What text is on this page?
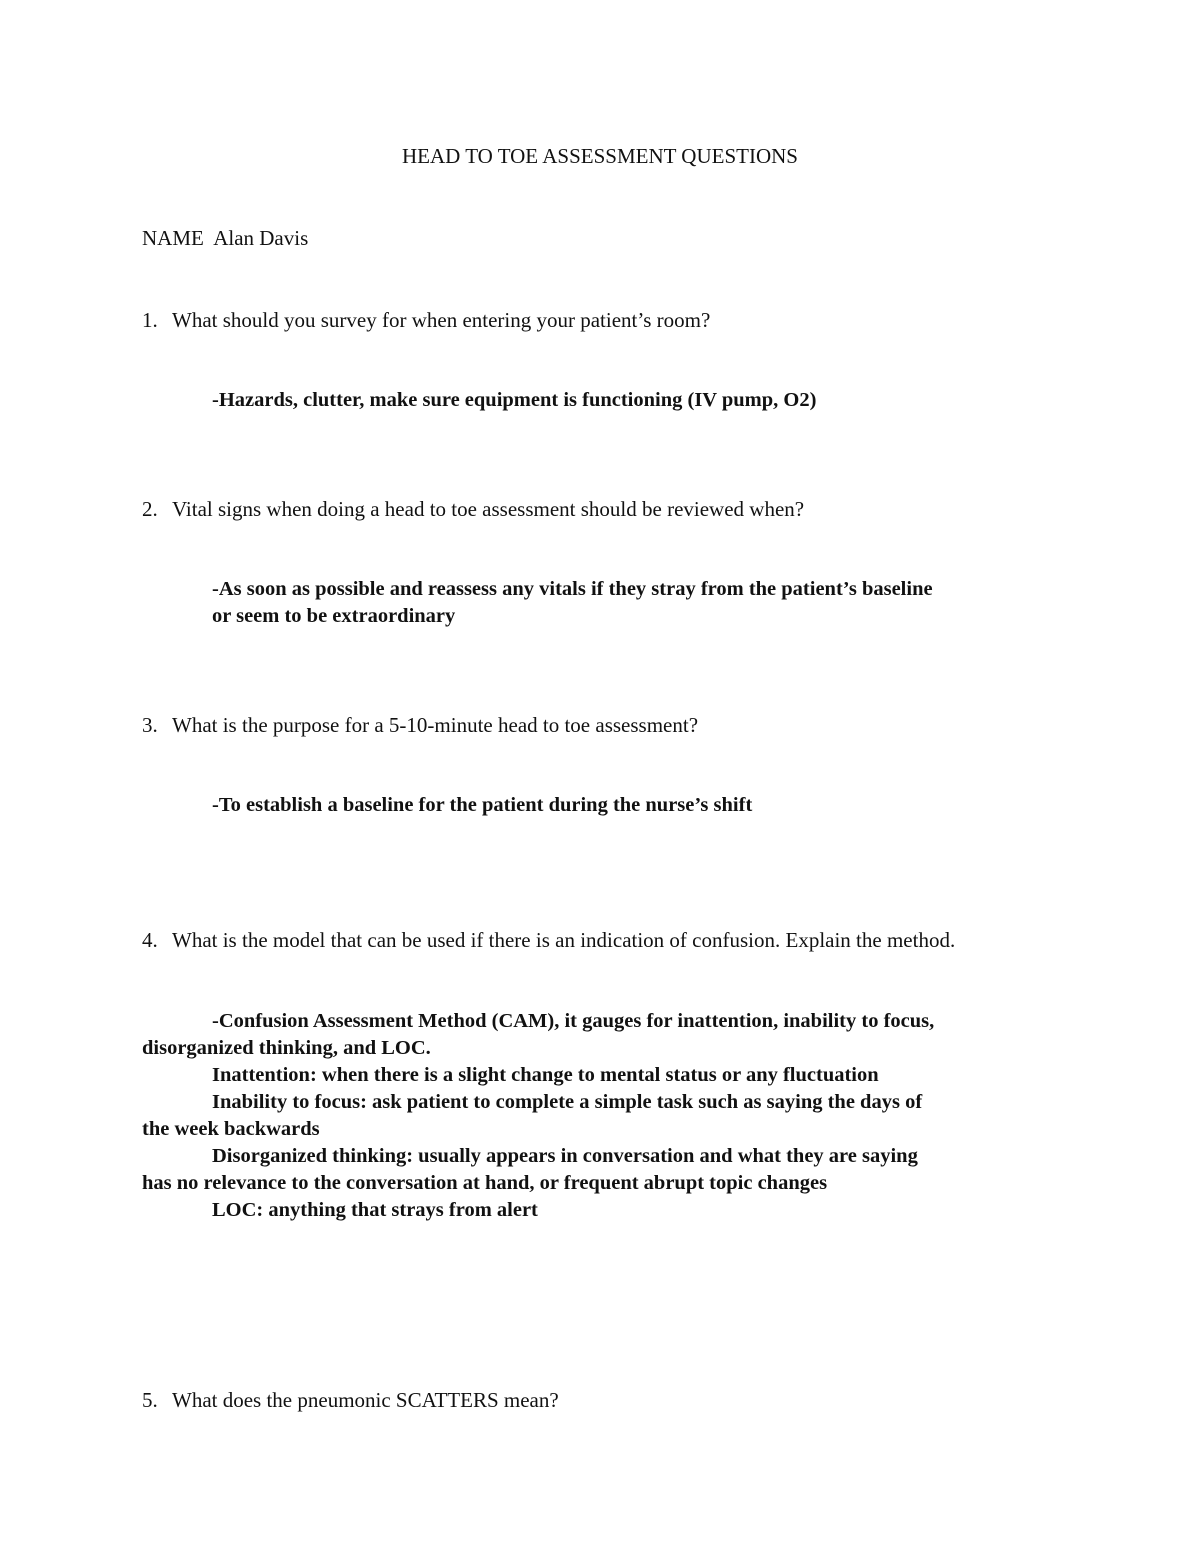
HEAD TO TOE ASSESSMENT QUESTIONS
NAME Alan Davis
1. What should you survey for when entering your patient’s room?
-Hazards, clutter, make sure equipment is functioning (IV pump, O2)
2. Vital signs when doing a head to toe assessment should be reviewed when?
-As soon as possible and reassess any vitals if they stray from the patient’s baseline
or seem to be extraordinary
3. What is the purpose for a 5-10-minute head to toe assessment?
-To establish a baseline for the patient during the nurse’s shift
4. What is the model that can be used if there is an indication of confusion. Explain the method.
-Confusion Assessment Method (CAM), it gauges for inattention, inability to focus,
disorganized thinking, and LOC.
Inattention: when there is a slight change to mental status or any fluctuation
Inability to focus: ask patient to complete a simple task such as saying the days of
the week backwards
Disorganized thinking: usually appears in conversation and what they are saying
has no relevance to the conversation at hand, or frequent abrupt topic changes
LOC: anything that strays from alert
5. What does the pneumonic SCATTERS mean?
